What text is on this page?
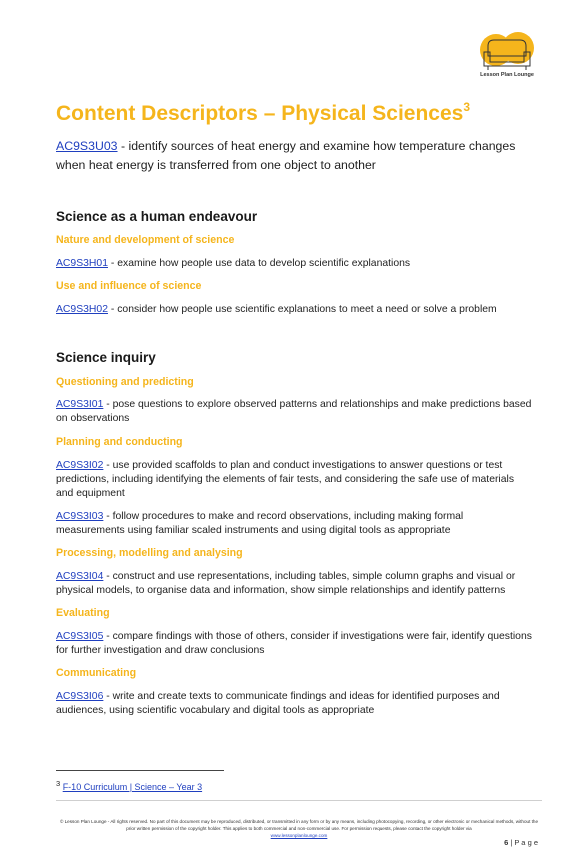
Lesson Plan Lounge
Content Descriptors – Physical Sciences$^3$
AC9S3U03 - identify sources of heat energy and examine how temperature changes when heat energy is transferred from one object to another
Science as a human endeavour
Nature and development of science
AC9S3H01 - examine how people use data to develop scientific explanations
Use and influence of science
AC9S3H02 - consider how people use scientific explanations to meet a need or solve a problem
Science inquiry
Questioning and predicting
AC9S3I01 - pose questions to explore observed patterns and relationships and make predictions based on observations
Planning and conducting
AC9S3I02 - use provided scaffolds to plan and conduct investigations to answer questions or test predictions, including identifying the elements of fair tests, and considering the safe use of materials and equipment
AC9S3I03 - follow procedures to make and record observations, including making formal measurements using familiar scaled instruments and using digital tools as appropriate
Processing, modelling and analysing
AC9S3I04 - construct and use representations, including tables, simple column graphs and visual or physical models, to organise data and information, show simple relationships and identify patterns
Evaluating
AC9S3I05 - compare findings with those of others, consider if investigations were fair, identify questions for further investigation and draw conclusions
Communicating
AC9S3I06 - write and create texts to communicate findings and ideas for identified purposes and audiences, using scientific vocabulary and digital tools as appropriate
$^3$ F-10 Curriculum | Science – Year 3
© Lesson Plan Lounge - All rights reserved. No part of this document may be reproduced, distributed, or transmitted in any form or by any means, including photocopying, recording, or other electronic or mechanical methods, without the prior written permission of the copyright holder. This applies to both commercial and non-commercial use. For permission requests, please contact the copyright holder via
www.lessonplanlounge.com
6 | P a g e
